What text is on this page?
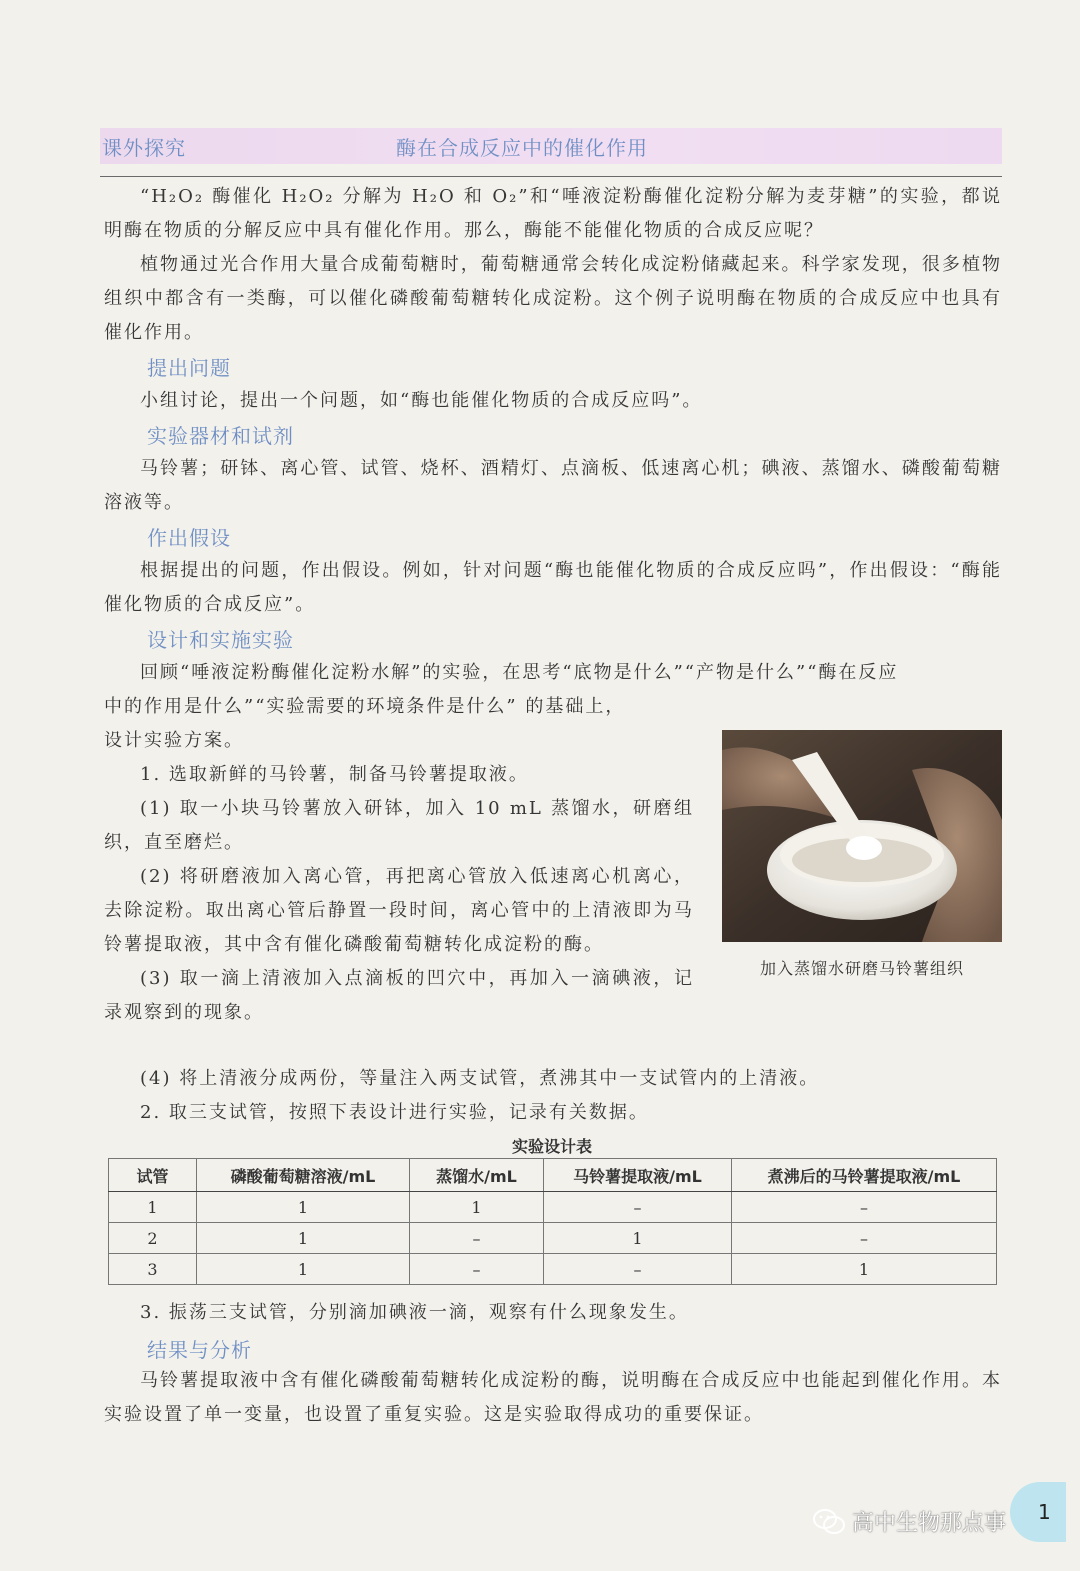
课外探究	酶在合成反应中的催化作用

“H₂O₂ 酶催化 H₂O₂ 分解为 H₂O 和 O₂”和“唾液淀粉酶催化淀粉分解为麦芽糖”的实验，都说明酶在物质的分解反应中具有催化作用。那么，酶能不能催化物质的合成反应呢？

植物通过光合作用大量合成葡萄糖时，葡萄糖通常会转化成淀粉储藏起来。科学家发现，很多植物组织中都含有一类酶，可以催化磷酸葡萄糖转化成淀粉。这个例子说明酶在物质的合成反应中也具有催化作用。

提出问题

小组讨论，提出一个问题，如“酶也能催化物质的合成反应吗”。

实验器材和试剂

马铃薯；研钵、离心管、试管、烧杯、酒精灯、点滴板、低速离心机；碘液、蒸馏水、磷酸葡萄糖溶液等。

作出假设

根据提出的问题，作出假设。例如，针对问题“酶也能催化物质的合成反应吗”，作出假设：“酶能催化物质的合成反应”。

设计和实施实验

回顾“唾液淀粉酶催化淀粉水解”的实验，在思考“底物是什么”“产物是什么”“酶在反应

中的作用是什么”“实验需要的环境条件是什么” 的基础上，

设计实验方案。

1. 选取新鲜的马铃薯，制备马铃薯提取液。

(1) 取一小块马铃薯放入研钵，加入 10 mL 蒸馏水，研磨组织，直至磨烂。

(2) 将研磨液加入离心管，再把离心管放入低速离心机离心，去除淀粉。取出离心管后静置一段时间，离心管中的上清液即为马铃薯提取液，其中含有催化磷酸葡萄糖转化成淀粉的酶。

(3) 取一滴上清液加入点滴板的凹穴中，再加入一滴碘液，记录观察到的现象。

(4) 将上清液分成两份，等量注入两支试管，煮沸其中一支试管内的上清液。

2. 取三支试管，按照下表设计进行实验，记录有关数据。

加入蒸馏水研磨马铃薯组织
实验设计表
试管	磷酸葡萄糖溶液/mL	蒸馏水/mL	马铃薯提取液/mL	煮沸后的马铃薯提取液/mL
1	1	1	–	–
2	1	–	1	–
3	1	–	–	1

3. 振荡三支试管，分别滴加碘液一滴，观察有什么现象发生。

结果与分析

马铃薯提取液中含有催化磷酸葡萄糖转化成淀粉的酶，说明酶在合成反应中也能起到催化作用。本实验设置了单一变量，也设置了重复实验。这是实验取得成功的重要保证。

1
高中生物那点事
